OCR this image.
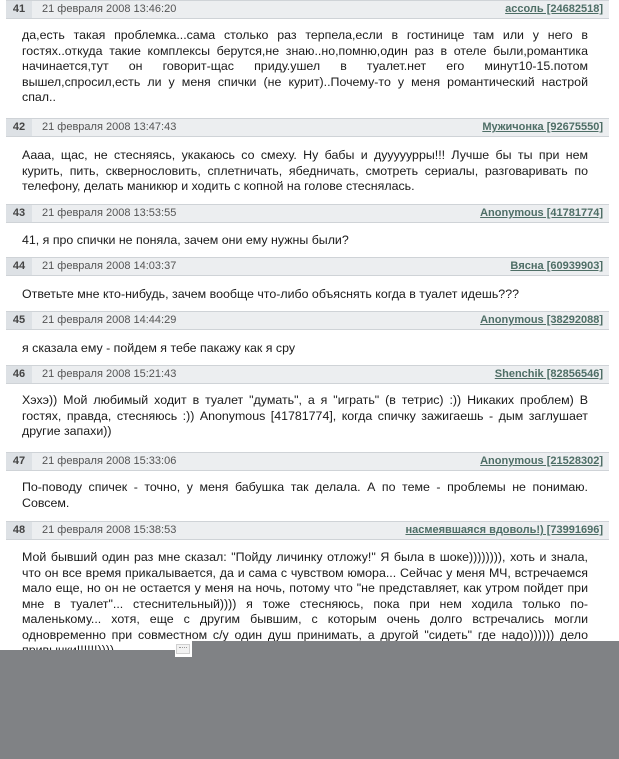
41	21 февраля 2008 13:46:20	ассоль [24682518]
да,есть такая проблемка...сама столько раз терпела,если в гостинице там или у него в гостях..откуда такие комплексы берутся,не знаю..но,помню,один раз в отеле были,романтика начинается,тут он говорит-щас приду.ушел в туалет.нет его минут10-15.потом вышел,спросил,есть ли у меня спички (не курит)..Почему-то у меня романтический настрой спал..
42	21 февраля 2008 13:47:43	Мужичонка [92675550]
Аааа, щас, не стесняясь, укакаюсь со смеху. Ну бабы и дууууурры!!! Лучше бы ты при нем курить, пить, сквернословить, сплетничать, ябедничать, смотреть сериалы, разговаривать по телефону, делать маникюр и ходить с копной на голове стеснялась.
43	21 февраля 2008 13:53:55	Anonymous [41781774]
41, я про спички не поняла, зачем они ему нужны были?
44	21 февраля 2008 14:03:37	Вясна [60939903]
Ответьте мне кто-нибудь, зачем вообще что-либо объяснять когда в туалет идешь???
45	21 февраля 2008 14:44:29	Anonymous [38292088]
я сказала ему - пойдем я тебе пакажу как я сру
46	21 февраля 2008 15:21:43	Shenchik [82856546]
Хэхэ)) Мой любимый ходит в туалет "думать", а я "играть" (в тетрис) :)) Никаких проблем) В гостях, правда, стесняюсь :)) Anonymous [41781774], когда спичку зажигаешь - дым заглушает другие запахи))
47	21 февраля 2008 15:33:06	Anonymous [21528302]
По-поводу спичек - точно, у меня бабушка так делала. А по теме - проблемы не понимаю. Совсем.
48	21 февраля 2008 15:38:53	насмеявшаяся вдоволь!) [73991696]
Мой бывший один раз мне сказал: "Пойду личинку отложу!" Я была в шоке)))))))), хоть и знала, что он все время прикалывается, да и сама с чувством юмора... Сейчас у меня МЧ, встречаемся мало еще, но он не остается у меня на ночь, потому что "не представляет, как утром пойдет при мне в туалет"... стеснительный)))) я тоже стесняюсь, пока при нем ходила только по-маленькому... хотя, еще с другим бывшим, с которым очень долго встречались могли одновременно при совместном с/у один душ принимать, а другой "сидеть" где надо)))))) дело
